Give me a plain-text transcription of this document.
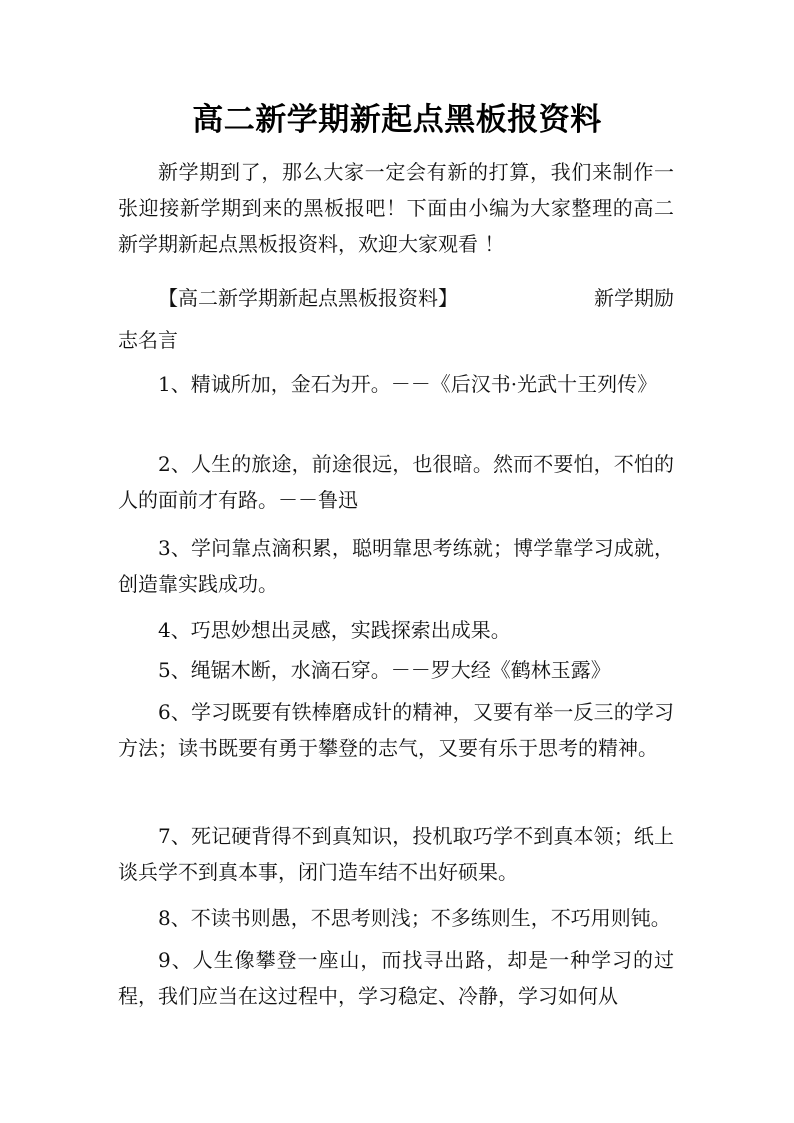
高二新学期新起点黑板报资料
新学期到了，那么大家一定会有新的打算，我们来制作一张迎接新学期到来的黑板报吧！下面由小编为大家整理的高二新学期新起点黑板报资料，欢迎大家观看 ！
【高二新学期新起点黑板报资料】	新学期励
志名言
1、精诚所加，金石为开。－－《后汉书·光武十王列传》
2、人生的旅途，前途很远，也很暗。然而不要怕，不怕的人的面前才有路。－－鲁迅
3、学问靠点滴积累，聪明靠思考练就；博学靠学习成就，创造靠实践成功。
4、巧思妙想出灵感，实践探索出成果。
5、绳锯木断，水滴石穿。－－罗大经《鹤林玉露》
6、学习既要有铁棒磨成针的精神，又要有举一反三的学习方法；读书既要有勇于攀登的志气，又要有乐于思考的精神。
7、死记硬背得不到真知识，投机取巧学不到真本领；纸上谈兵学不到真本事，闭门造车结不出好硕果。
8、不读书则愚，不思考则浅；不多练则生，不巧用则钝。
9、人生像攀登一座山，而找寻出路，却是一种学习的过程，我们应当在这过程中，学习稳定、冷静，学习如何从
